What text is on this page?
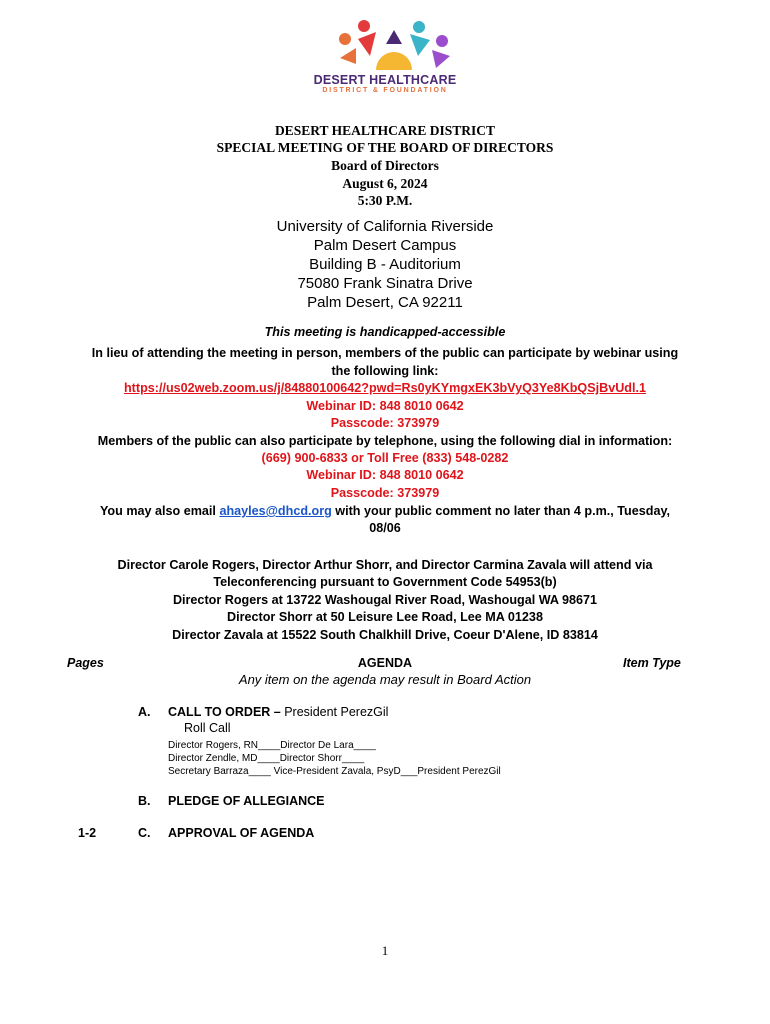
DESERT HEALTHCARE
DISTRICT & FOUNDATION
DESERT HEALTHCARE DISTRICT
SPECIAL MEETING OF THE BOARD OF DIRECTORS
Board of Directors
August 6, 2024
5:30 P.M.
University of California Riverside
Palm Desert Campus
Building B - Auditorium
75080 Frank Sinatra Drive
Palm Desert, CA 92211
This meeting is handicapped-accessible
In lieu of attending the meeting in person, members of the public can participate by webinar using
the following link:
https://us02web.zoom.us/j/84880100642?pwd=Rs0yKYmgxEK3bVyQ3Ye8KbQSjBvUdl.1
Webinar ID: 848 8010 0642
Passcode: 373979
Members of the public can also participate by telephone, using the following dial in information:
(669) 900-6833 or Toll Free (833) 548-0282
Webinar ID: 848 8010 0642
Passcode: 373979
You may also email ahayles@dhcd.org with your public comment no later than 4 p.m., Tuesday,
08/06
Director Carole Rogers, Director Arthur Shorr, and Director Carmina Zavala will attend via
Teleconferencing pursuant to Government Code 54953(b)
Director Rogers at 13722 Washougal River Road, Washougal WA 98671
Director Shorr at 50 Leisure Lee Road, Lee MA 01238
Director Zavala at 15522 South Chalkhill Drive, Coeur D'Alene, ID 83814
Pages	AGENDA	Item Type
Any item on the agenda may result in Board Action
A. CALL TO ORDER – President PerezGil
Roll Call
Director Rogers, RN____Director De Lara____
Director Zendle, MD____Director Shorr____
Secretary Barraza____ Vice-President Zavala, PsyD___President PerezGil
B. PLEDGE OF ALLEGIANCE
1-2	C. APPROVAL OF AGENDA
1
